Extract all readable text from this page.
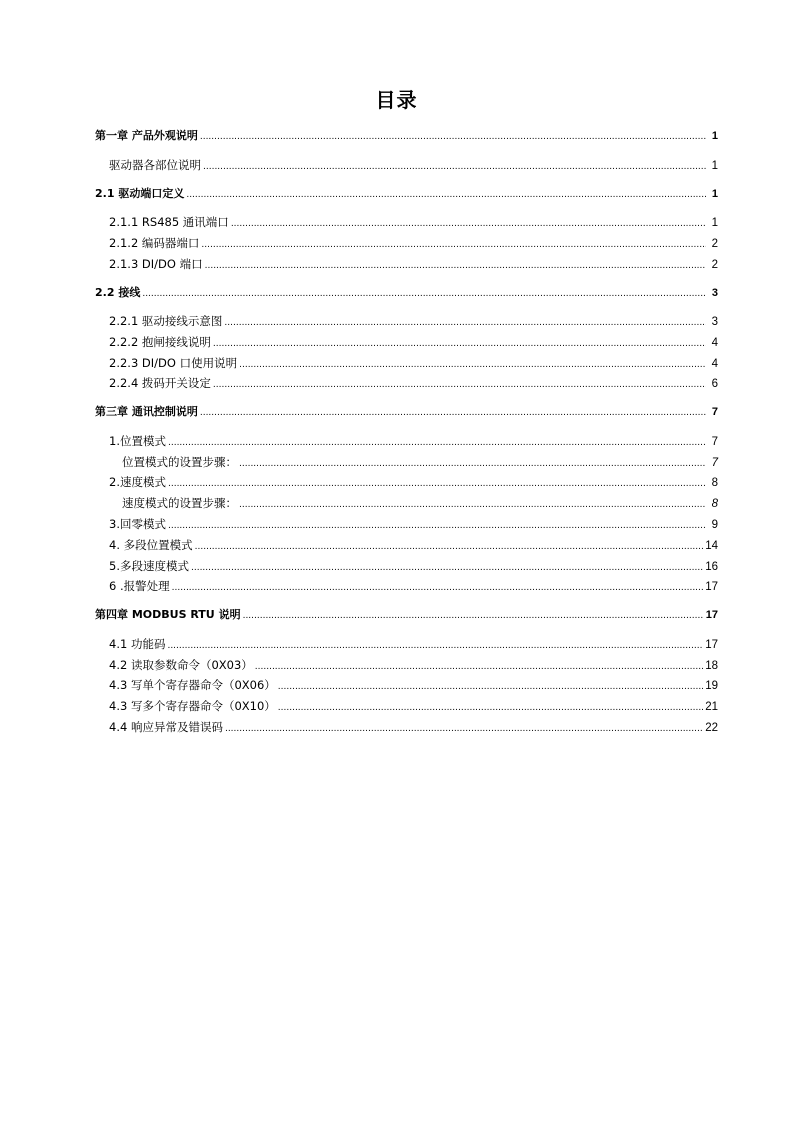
目录
第一章 产品外观说明 .....	1
驱动器各部位说明 .....	1
2.1 驱动端口定义 .....	1
2.1.1 RS485 通讯端口 .....	1
2.1.2 编码器端口 .....	2
2.1.3 DI/DO 端口 .....	2
2.2 接线 .....	3
2.2.1 驱动接线示意图 .....	3
2.2.2 抱闸接线说明 .....	4
2.2.3 DI/DO 口使用说明 .....	4
2.2.4 拨码开关设定 .....	6
第三章 通讯控制说明 .....	7
1.位置模式 .....	7
位置模式的设置步骤： .....	7
2.速度模式 .....	8
速度模式的设置步骤： .....	8
3.回零模式 .....	9
4. 多段位置模式 .....	14
5.多段速度模式 .....	16
6 .报警处理 .....	17
第四章 MODBUS RTU 说明 .....	17
4.1 功能码 .....	17
4.2 读取参数命令（0X03） .....	18
4.3 写单个寄存器命令（0X06） .....	19
4.3 写多个寄存器命令（0X10） .....	21
4.4 响应异常及错误码 .....	22
